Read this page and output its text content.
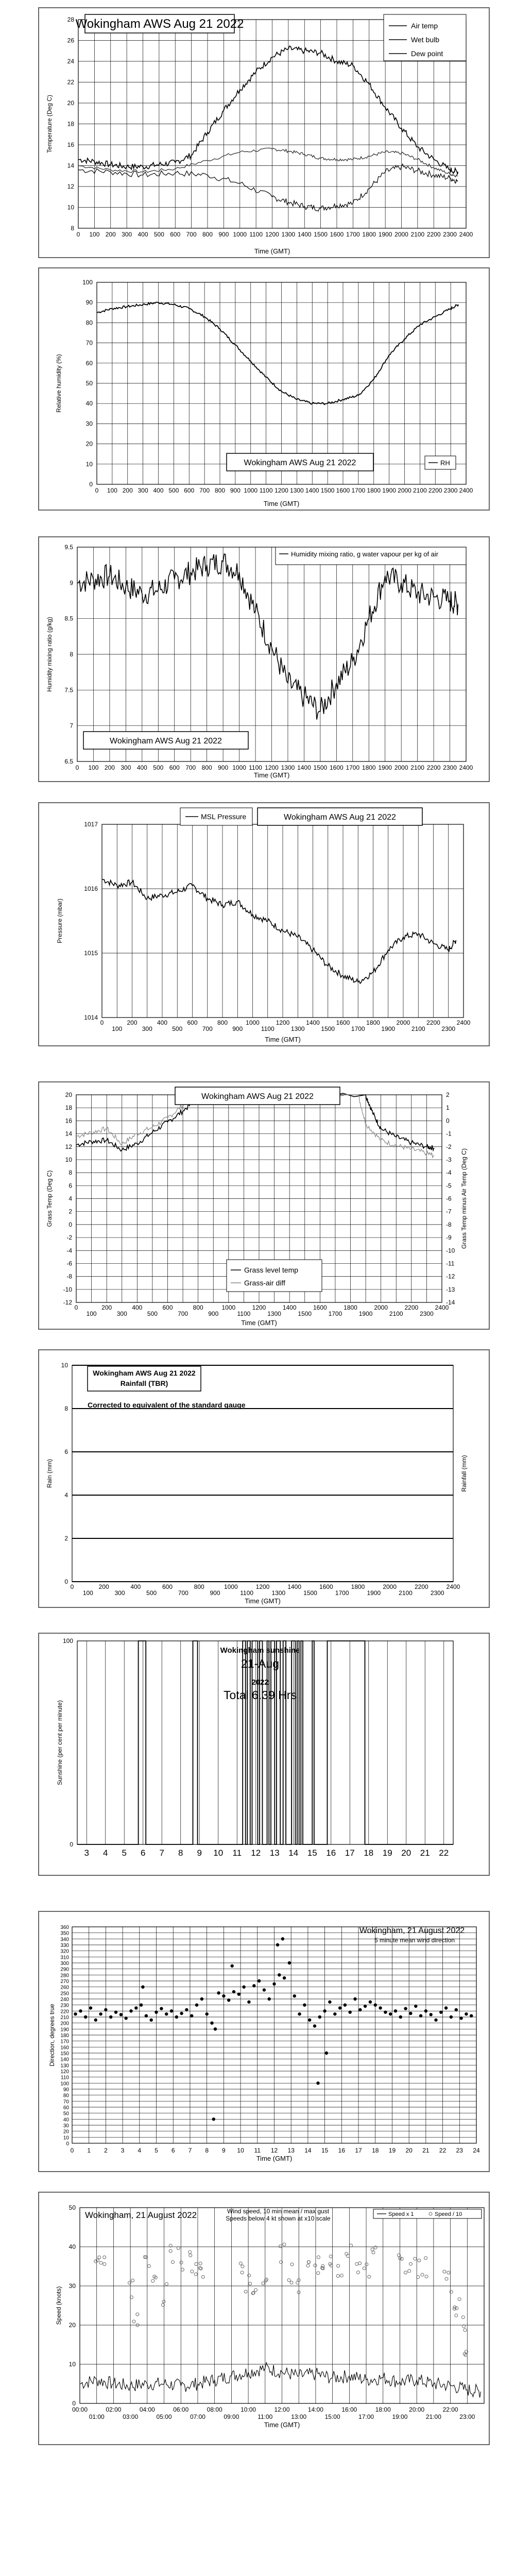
0 100 200 300 400 500 600 700 800 900 1000 1100 1200 1300 1400 1500 1600 1700 1800 1900 2000 2100 2200 2300 2400
8
10
12
14
16
18
20
22
24
26
28
Time (GMT)
Temperature (Deg C)
Wokingham AWS Aug 21 2022	Air temp
Wet bulb
Dew point
0 100 200 300 400 500 600 700 800 900 1000 1100 1200 1300 1400 1500 1600 1700 1800 1900 2000 2100 2200 2300 2400
0
10
20
30
40
50
60
70
80
90
100
Time (GMT)
Relative humidity (%)
Wokingham AWS Aug 21 2022	RH
0 100 200 300 400 500 600 700 800 900 1000 1100 1200 1300 1400 1500 1600 1700 1800 1900 2000 2100 2200 2300 2400
6.5
7
7.5
8
8.5
9
9.5
Time (GMT)
Humidity mixing ratio (g/kg)
Wokingham AWS Aug 21 2022
Humidity mixing ratio, g water vapour per kg of air
0
100
200
300
400
500
600
700
800
900
1000
1100
1200
1300
1400
1500
1600
1700
1800
1900
2000
2100
2200
2300
2400
1014
1015
1016
1017
Time (GMT)
Pressure (mbar)
MSL Pressure	Wokingham AWS Aug 21 2022
0
100
200
300
400
500
600
700
800
900
1000
1100
1200
1300
1400
1500
1600
1700
1800
1900
2000
2100
2200
2300
2400
-12
-10
-8
-6
-4
-2
0
2
4
6
8
10
12
14
16
18
20
Time (GMT)
Grass Temp (Deg C)
-14
-13
-12
-11
-10
-9
-8
-7
-6
-5
-4
-3
-2
-1
0
1
2
Grass Temp minus Air Temp (Deg C)
Wokingham AWS Aug 21 2022
Grass level temp
Grass-air diff
0
100
200
300
400
500
600
700
800
900
1000
1100
1200
1300
1400
1500
1600
1700
1800
1900
2000
2100
2200
2300
2400
0
2
4
6
8
10
Time (GMT)
Rain (mm)	Rainfall (mm)
Wokingham AWS Aug 21 2022
Rainfall (TBR)
Corrected to equivalent of the standard gauge
3 4 5 6 7 8 9 10 11 12 13 14 15 16 17 18 19 20 21 22
0
100
Sunshine (per cent per minute)
Wokingham sunshine
21-Aug
2022
Total 6.39 Hrs
0 1 2 3 4 5 6 7 8 9 10 11 12 13 14 15 16 17 18 19 20 21 22 23 24
0
10
20
30
40
50
60
70
80
90
100
110
120
130
140
150
160
170
180
190
200
210
220
230
240
250
260
270
280
290
300
310
320
330
340
350
360
Direction, degrees true
Time (GMT)
Wokingham, 21 August 2022
5 minute mean wind direction
0
10
20
30
40
50
00:00	02:00	04:00	06:00	08:00	10:00	12:00	14:00	16:00	18:00	20:00	22:00
01:00	03:00	05:00	07:00	09:00	11:00	13:00	15:00	17:00	19:00	21:00	23:00
Time (GMT)
Speed (knots)
Wokingham, 21 August 2022	Wind speed, 10 min mean / max gust
Speeds below 4 kt shown at x10 scale
Speed x 1	Speed / 10
